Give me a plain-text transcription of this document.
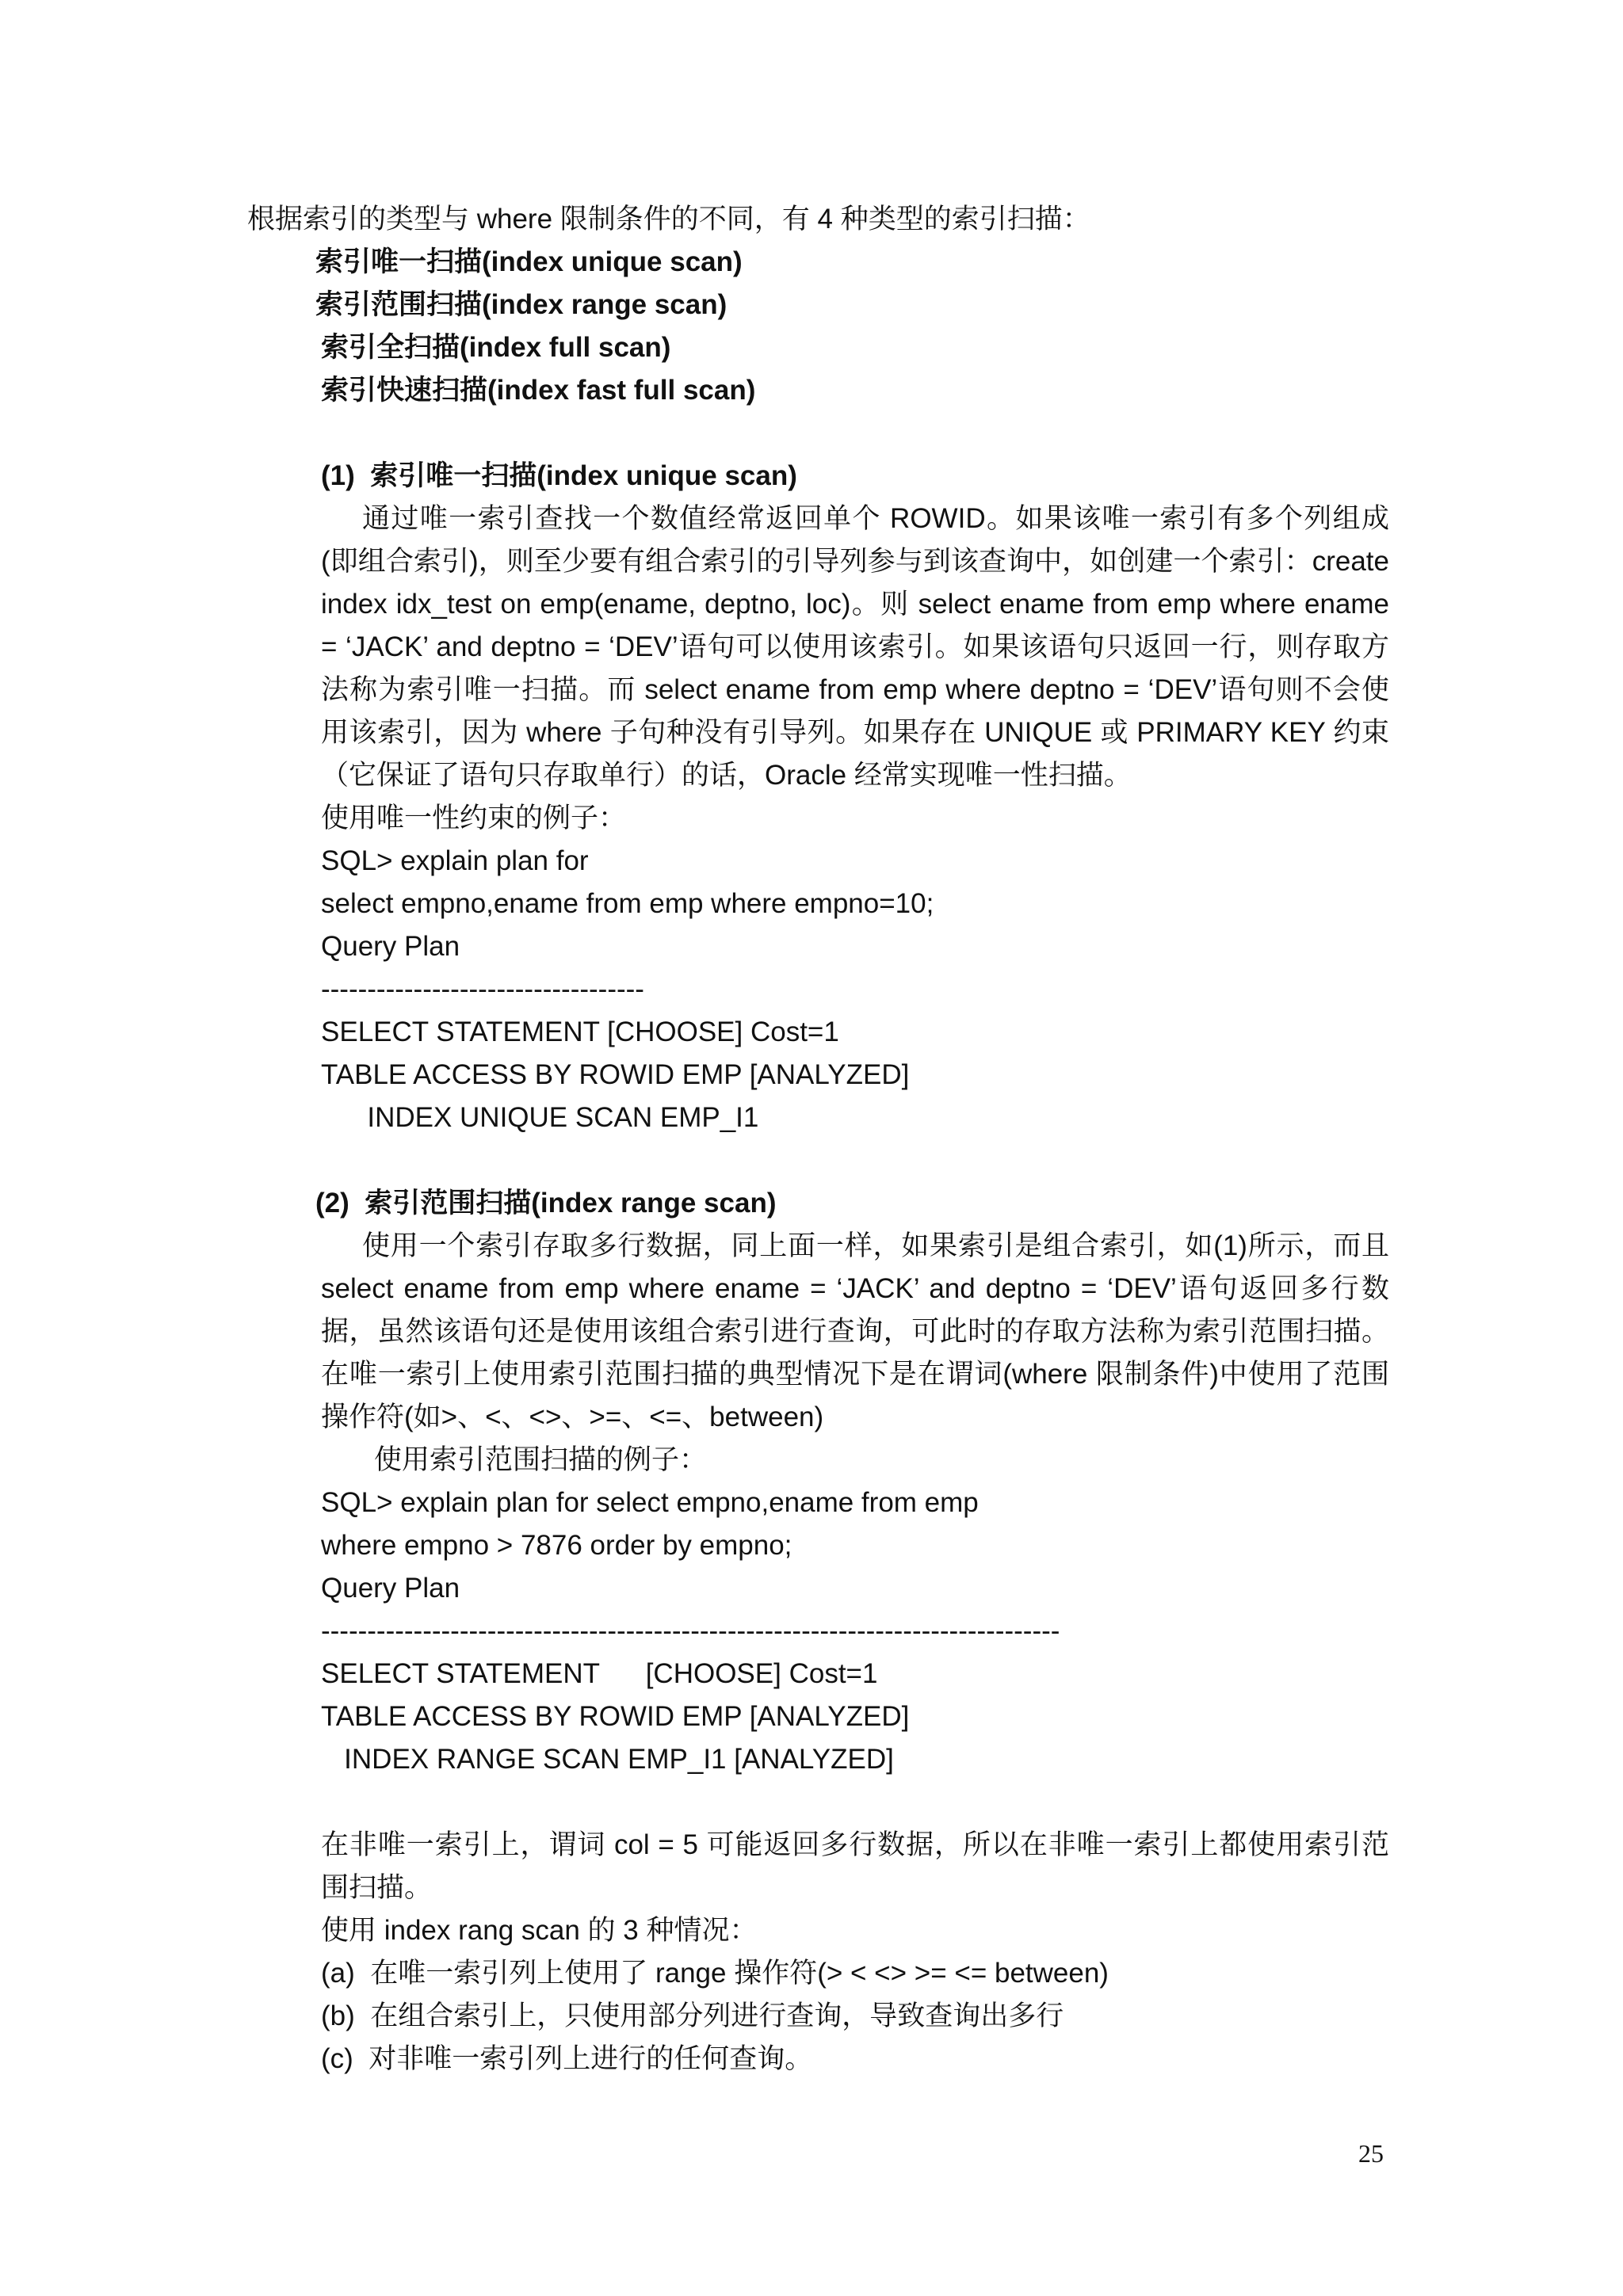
根据索引的类型与 where 限制条件的不同，有 4 种类型的索引扫描：
索引唯一扫描(index unique scan)
索引范围扫描(index range scan)
索引全扫描(index full scan)
索引快速扫描(index fast full scan)
(1)  索引唯一扫描(index unique scan)
通过唯一索引查找一个数值经常返回单个 ROWID。如果该唯一索引有多个列组成(即组合索引)，则至少要有组合索引的引导列参与到该查询中，如创建一个索引：create index idx_test on emp(ename, deptno, loc)。则 select ename from emp where ename = ‘JACK’ and deptno = ‘DEV’语句可以使用该索引。如果该语句只返回一行，则存取方法称为索引唯一扫描。而 select ename from emp where deptno = ‘DEV’语句则不会使用该索引，因为 where 子句种没有引导列。如果存在 UNIQUE 或 PRIMARY KEY 约束（它保证了语句只存取单行）的话，Oracle 经常实现唯一性扫描。
使用唯一性约束的例子：
SQL> explain plan for
select empno,ename from emp where empno=10;
Query Plan
-----------------------------------
SELECT STATEMENT [CHOOSE] Cost=1
TABLE ACCESS BY ROWID EMP [ANALYZED]
INDEX UNIQUE SCAN EMP_I1
(2)  索引范围扫描(index range scan)
使用一个索引存取多行数据，同上面一样，如果索引是组合索引，如(1)所示，而且 select ename from emp where ename = ‘JACK’ and deptno = ‘DEV’语句返回多行数据，虽然该语句还是使用该组合索引进行查询，可此时的存取方法称为索引范围扫描。在唯一索引上使用索引范围扫描的典型情况下是在谓词(where 限制条件)中使用了范围操作符(如>、<、<>、>=、<=、between)
使用索引范围扫描的例子：
SQL> explain plan for select empno,ename from emp
where empno > 7876 order by empno;
Query Plan
--------------------------------------------------------------------------------
SELECT STATEMENT      [CHOOSE] Cost=1
TABLE ACCESS BY ROWID EMP [ANALYZED]
INDEX RANGE SCAN EMP_I1 [ANALYZED]
在非唯一索引上，谓词 col = 5 可能返回多行数据，所以在非唯一索引上都使用索引范围扫描。
使用 index rang scan 的 3 种情况：
(a)  在唯一索引列上使用了 range 操作符(> < <> >= <= between)
(b)  在组合索引上，只使用部分列进行查询，导致查询出多行
(c)  对非唯一索引列上进行的任何查询。
25
